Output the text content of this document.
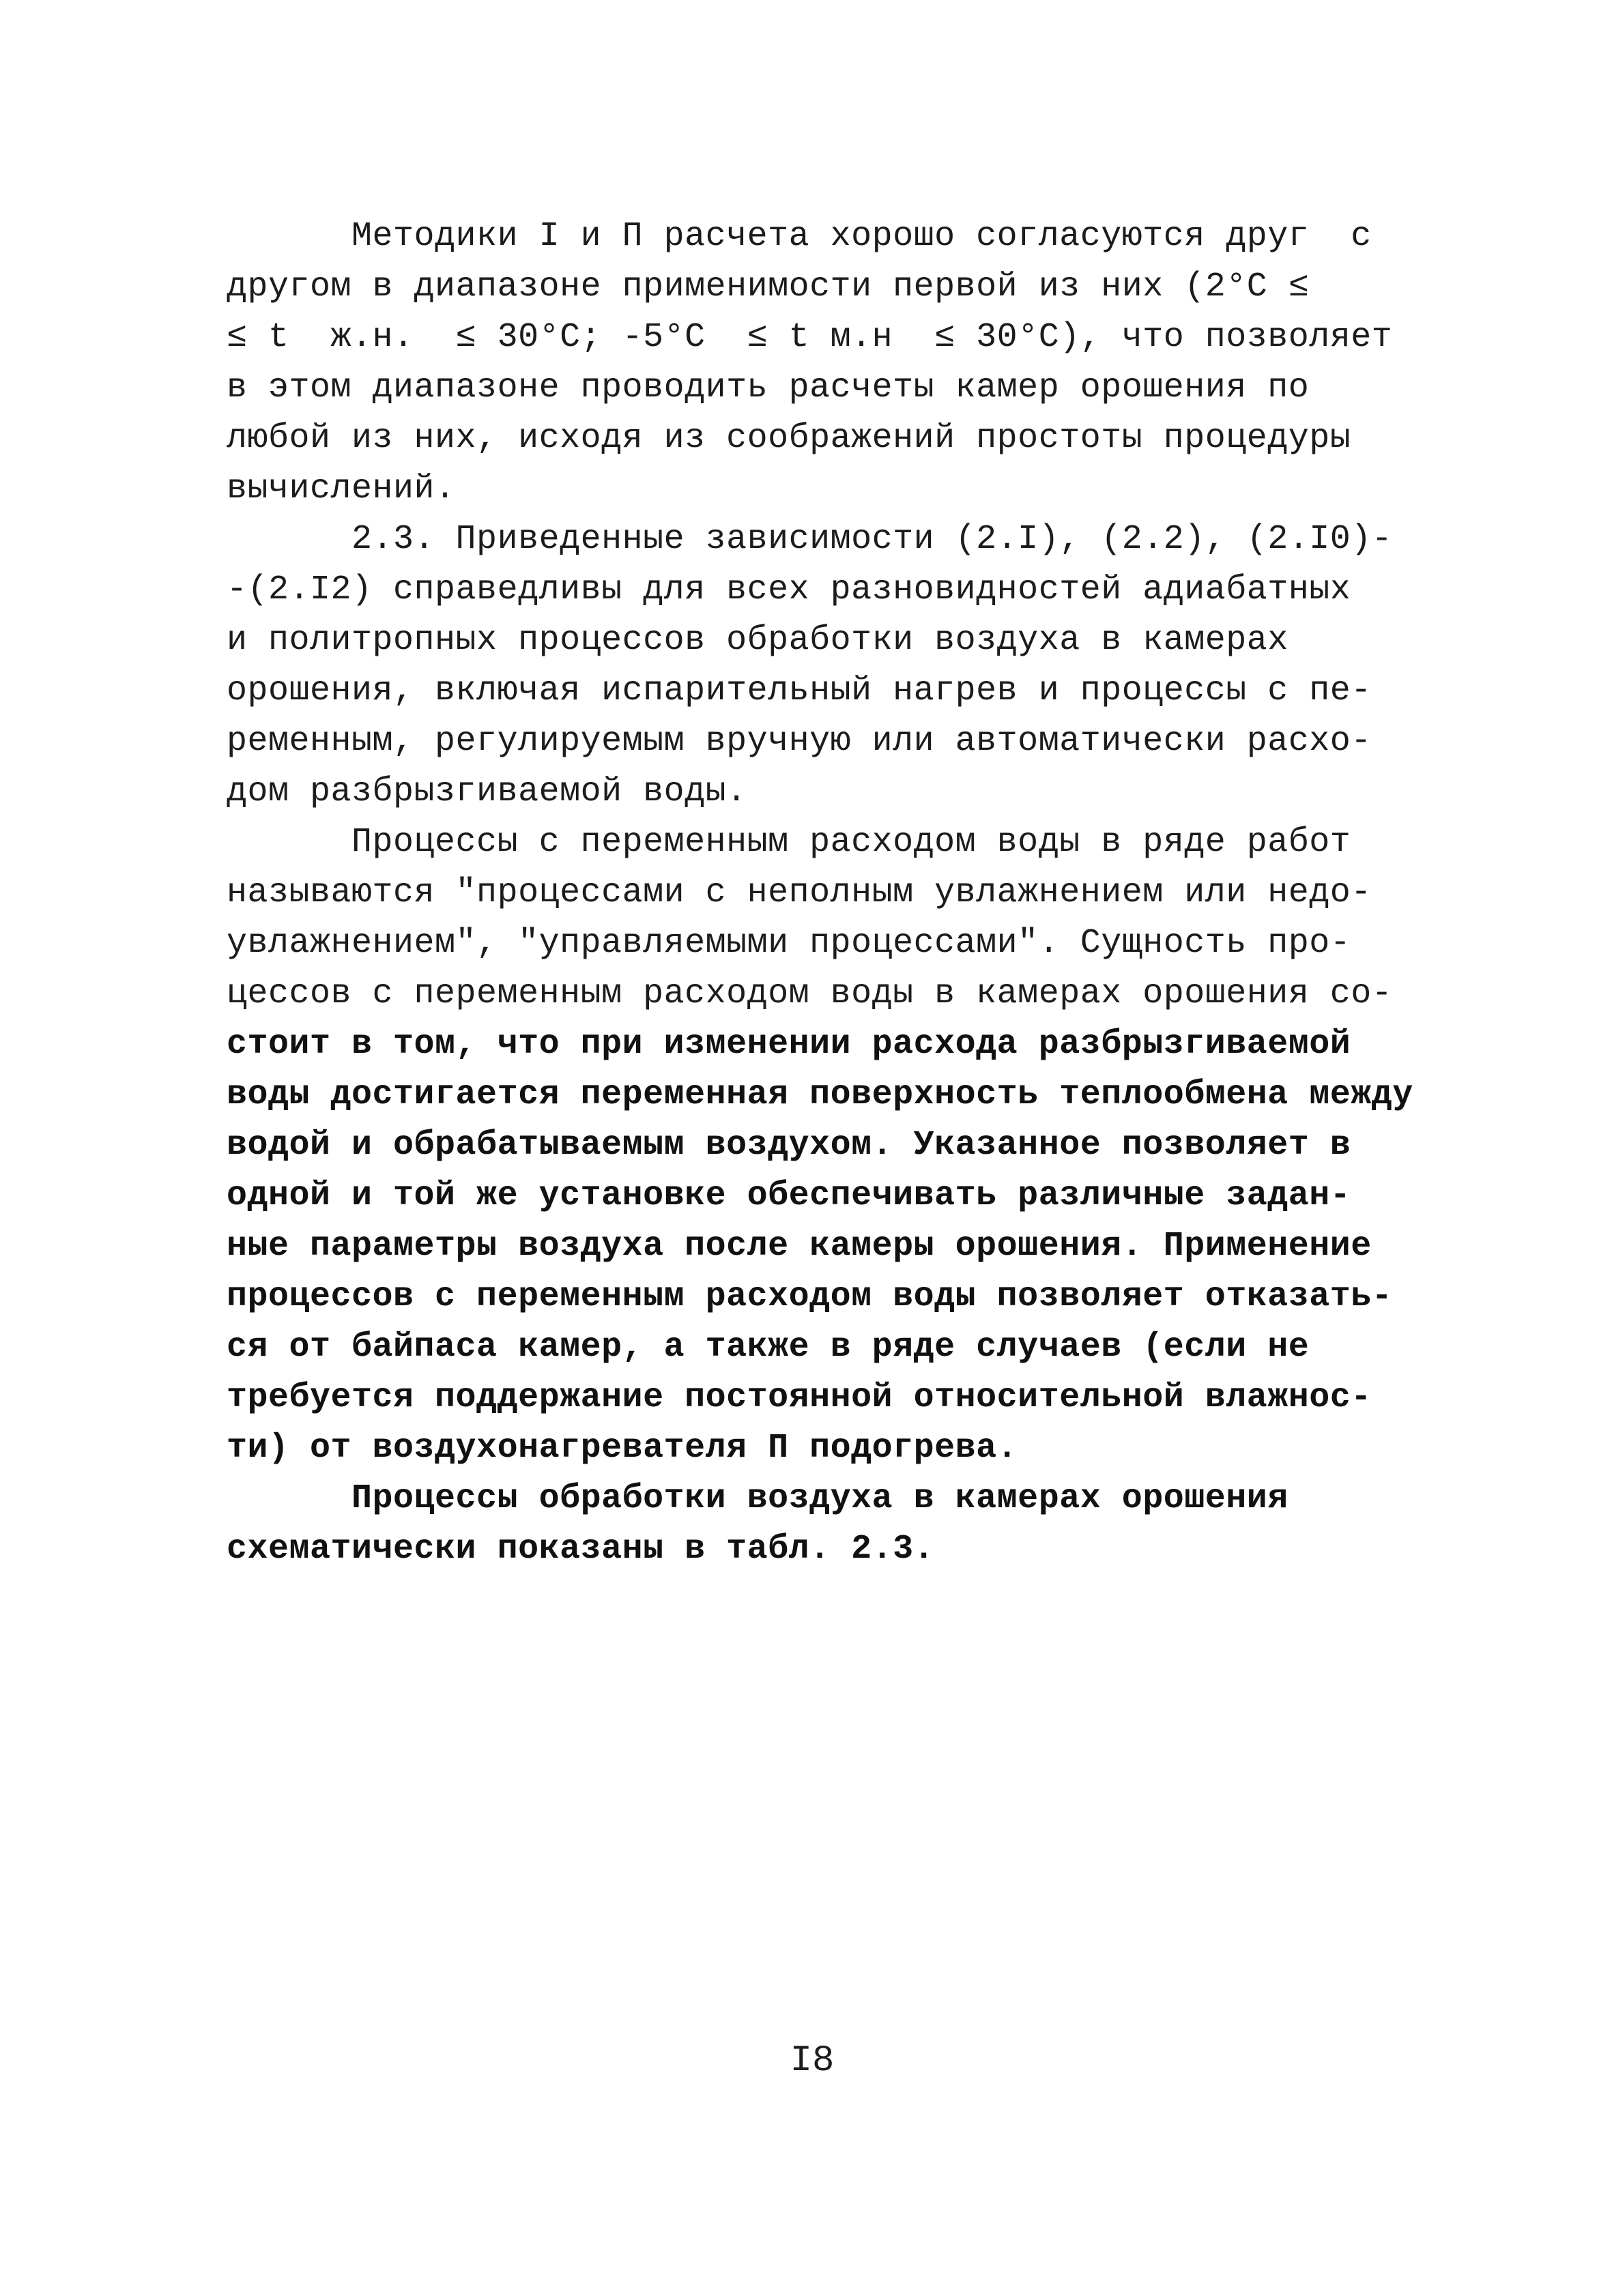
Методики I и П расчета хорошо согласуются друг  с
другом в диапазоне применимости первой из них (2°С ≤
≤ t  ж.н.  ≤ 30°С; -5°С  ≤ t м.н  ≤ 30°С), что позволяет
в этом диапазоне проводить расчеты камер орошения по
любой из них, исходя из соображений простоты процедуры
вычислений.
2.3. Приведенные зависимости (2.I), (2.2), (2.I0)-
-(2.I2) справедливы для всех разновидностей адиабатных
и политропных процессов обработки воздуха в камерах
орошения, включая испарительный нагрев и процессы с пе-
ременным, регулируемым вручную или автоматически расхо-
дом разбрызгиваемой воды.
Процессы с переменным расходом воды в ряде работ
называются "процессами с неполным увлажнением или недо-
увлажнением", "управляемыми процессами". Сущность про-
цессов с переменным расходом воды в камерах орошения со-
стоит в том, что при изменении расхода разбрызгиваемой
воды достигается переменная поверхность теплообмена между
водой и обрабатываемым воздухом. Указанное позволяет в
одной и той же установке обеспечивать различные задан-
ные параметры воздуха после камеры орошения. Применение
процессов с переменным расходом воды позволяет отказать-
ся от байпаса камер, а также в ряде случаев (если не
требуется поддержание постоянной относительной влажнос-
ти) от воздухонагревателя П подогрева.
Процессы обработки воздуха в камерах орошения
схематически показаны в табл. 2.3.
I8
